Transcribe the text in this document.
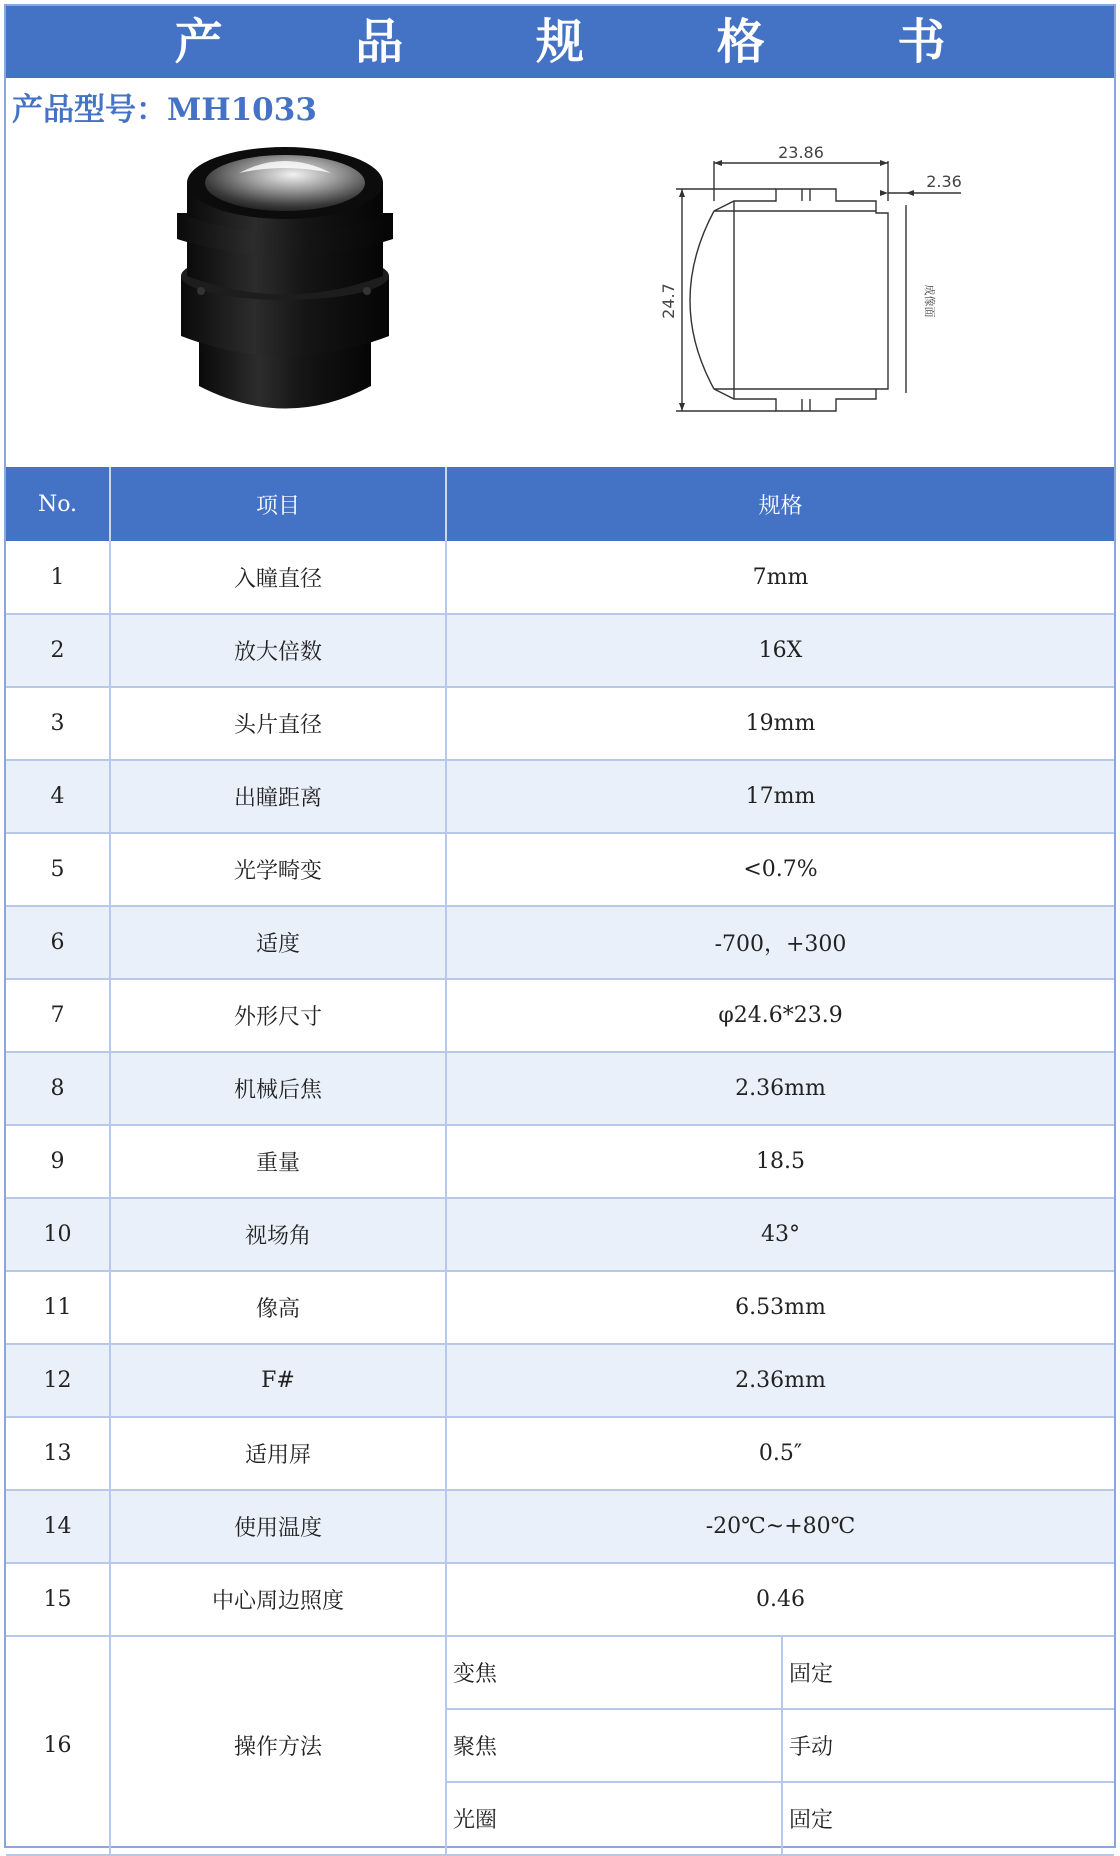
产 品 规 格 书
产品型号：MH1033
23.86
2.36
24.7	成像面
No.	项目	规格	
1	入瞳直径	7mm	
2	放大倍数	16X	
3	头片直径	19mm	
4	出瞳距离	17mm	
5	光学畸变	<0.7%	
6	适度	-700，+300	
7	外形尺寸	φ24.6*23.9	
8	机械后焦	2.36mm	
9	重量	18.5	
10	视场角	43°	
11	像高	6.53mm	
12	F#	2.36mm	
13	适用屏	0.5″	
14	使用温度	-20℃~+80℃	
15	中心周边照度	0.46	
16	操作方法	变焦	固定
		聚焦	手动
		光圈	固定
